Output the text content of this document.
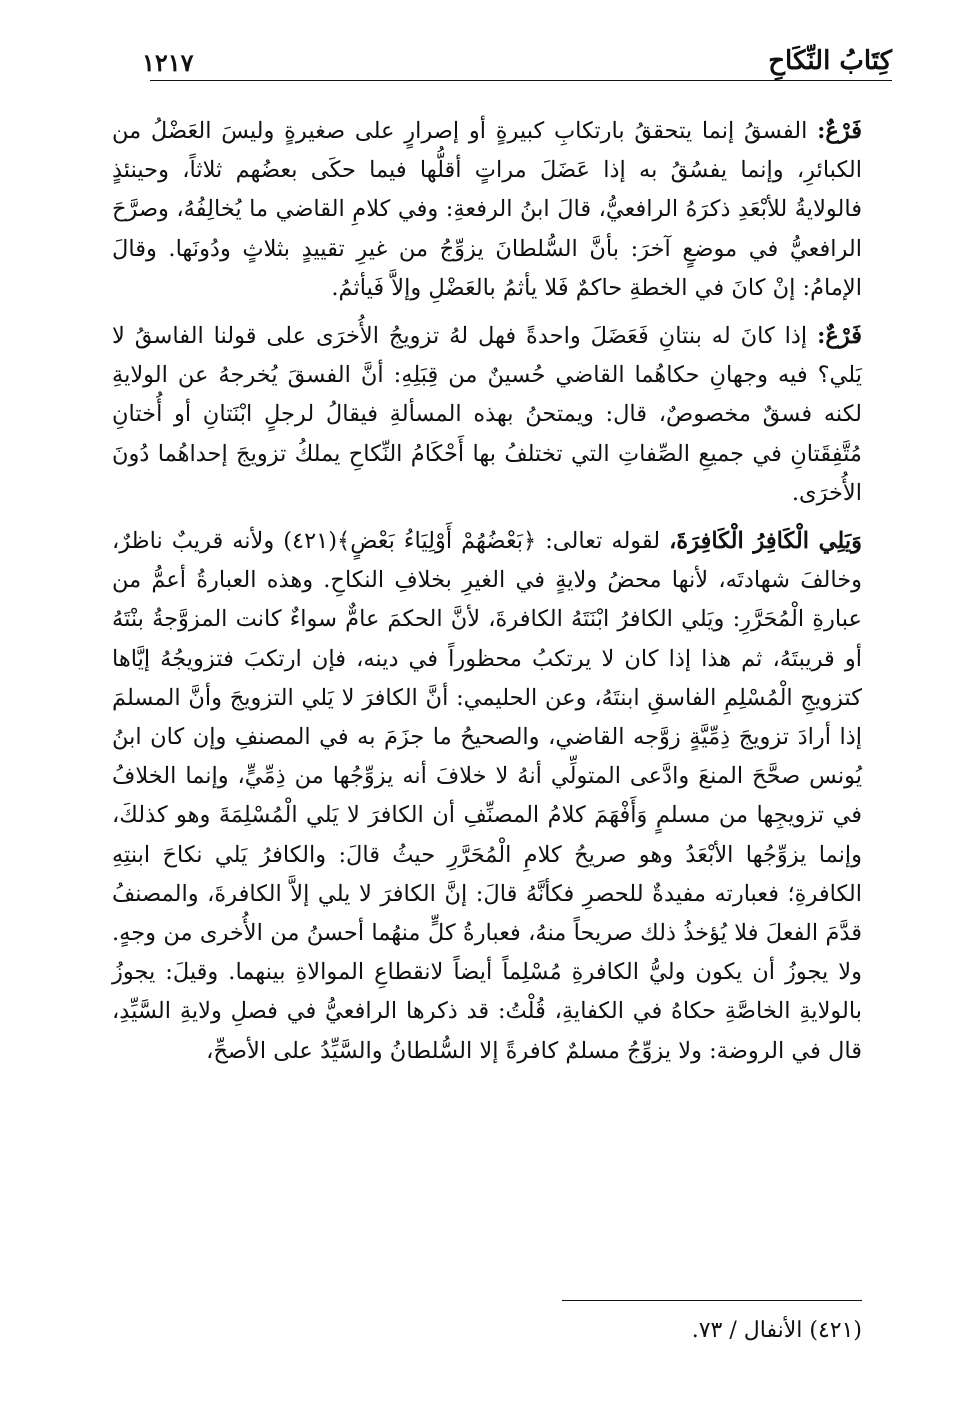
كِتَابُ النِّكَاحِ
١٢١٧

فَرْعٌ: الفسقُ إنما يتحققُ بارتكابِ كبيرةٍ أو إصرارٍ على صغيرةٍ وليسَ العَضْلُ من الكبائرِ، وإنما يفسُقُ به إذا عَضَلَ مراتٍ أقلُّها فيما حكَى بعضُهم ثلاثاً، وحينئذٍ فالولايةُ للأبْعَدِ ذكرَهُ الرافعيُّ، قالَ ابنُ الرفعةِ: وفي كلامِ القاضي ما يُخالِفُهُ، وصرَّحَ الرافعيُّ في موضعٍ آخرَ: بأنَّ السُّلطانَ يزوِّجُ من غيرِ تقييدٍ بثلاثٍ ودُونَها. وقالَ الإمامُ: إنْ كانَ في الخطةِ حاكمٌ فَلا يأثمُ بالعَضْلِ وإلاَّ فَيأثمُ.

فَرْعٌ: إذا كانَ له بنتانِ فَعَضَلَ واحدةً فهل لهُ تزويجُ الأُخرَى على قولنا الفاسقُ لا يَلي؟ فيه وجهانِ حكاهُما القاضي حُسينٌ من قِبَلِهِ: أنَّ الفسقَ يُخرجهُ عن الولايةِ لكنه فسقٌ مخصوصٌ، قال: ويمتحنُ بهذه المسألةِ فيقالُ لرجلٍ ابْنَتانِ أو أُختانِ مُتَّفِقَتانِ في جميعِ الصِّفاتِ التي تختلفُ بها أَحْكَامُ النِّكاحِ يملكُ تزويجَ إحداهُما دُونَ الأُخرَى.

وَيَلِي الْكَافِرُ الْكَافِرَةَ، لقوله تعالى: ﴿بَعْضُهُمْ أَوْلِيَاءُ بَعْضٍ﴾(٤٢١) ولأنه قريبٌ ناظرٌ، وخالفَ شهادتَه، لأنها محضُ ولايةٍ في الغيرِ بخلافِ النكاحِ. وهذه العبارةُ أعمُّ من عبارةِ الْمُحَرَّرِ: ويَلي الكافرُ ابْنَتَهُ الكافرةَ، لأنَّ الحكمَ عامٌّ سواءٌ كانت المزوَّجةُ بنْتَهُ أو قريبتَهُ، ثم هذا إذا كان لا يرتكبُ محظوراً في دينه، فإن ارتكبَ فتزويجُهُ إيَّاها كتزويجِ الْمُسْلِمِ الفاسقِ ابنتَهُ، وعن الحليمي: أنَّ الكافرَ لا يَلي التزويجَ وأنَّ المسلمَ إذا أرادَ تزويجَ ذِمِّيَّةٍ زوَّجه القاضي، والصحيحُ ما جزَمَ به في المصنفِ وإن كان ابنُ يُونس صحَّحَ المنعَ وادَّعى المتولِّي أنهُ لا خلافَ أنه يزوِّجُها من ذِمِّيٍّ، وإنما الخلافُ في تزويجِها من مسلمٍ وَأَفْهَمَ كلامُ المصنِّفِ أن الكافرَ لا يَلي الْمُسْلِمَةَ وهو كذلكَ، وإنما يزوِّجُها الأبْعَدُ وهو صريحُ كلامِ الْمُحَرَّرِ حيثُ قالَ: والكافرُ يَلي نكاحَ ابنتِهِ الكافرةِ؛ فعبارته مفيدةٌ للحصرِ فكأنَّهُ قالَ: إنَّ الكافرَ لا يلي إلاَّ الكافرةَ، والمصنفُ قدَّمَ الفعلَ فلا يُؤخذُ ذلك صريحاً منهُ، فعبارةُ كلٍّ منهُما أحسنُ من الأُخرى من وجهٍ. ولا يجوزُ أن يكون وليُّ الكافرةِ مُسْلِماً أيضاً لانقطاعِ الموالاةِ بينهما. وقيلَ: يجوزُ بالولايةِ الخاصَّةِ حكاهُ في الكفايةِ، قُلْتُ: قد ذكرها الرافعيُّ في فصلِ ولايةِ السَّيِّدِ، قال في الروضة: ولا يزوِّجُ مسلمٌ كافرةً إلا السُّلطانُ والسَّيِّدُ على الأصحِّ،

(٤٢١) الأنفال / ٧٣.
